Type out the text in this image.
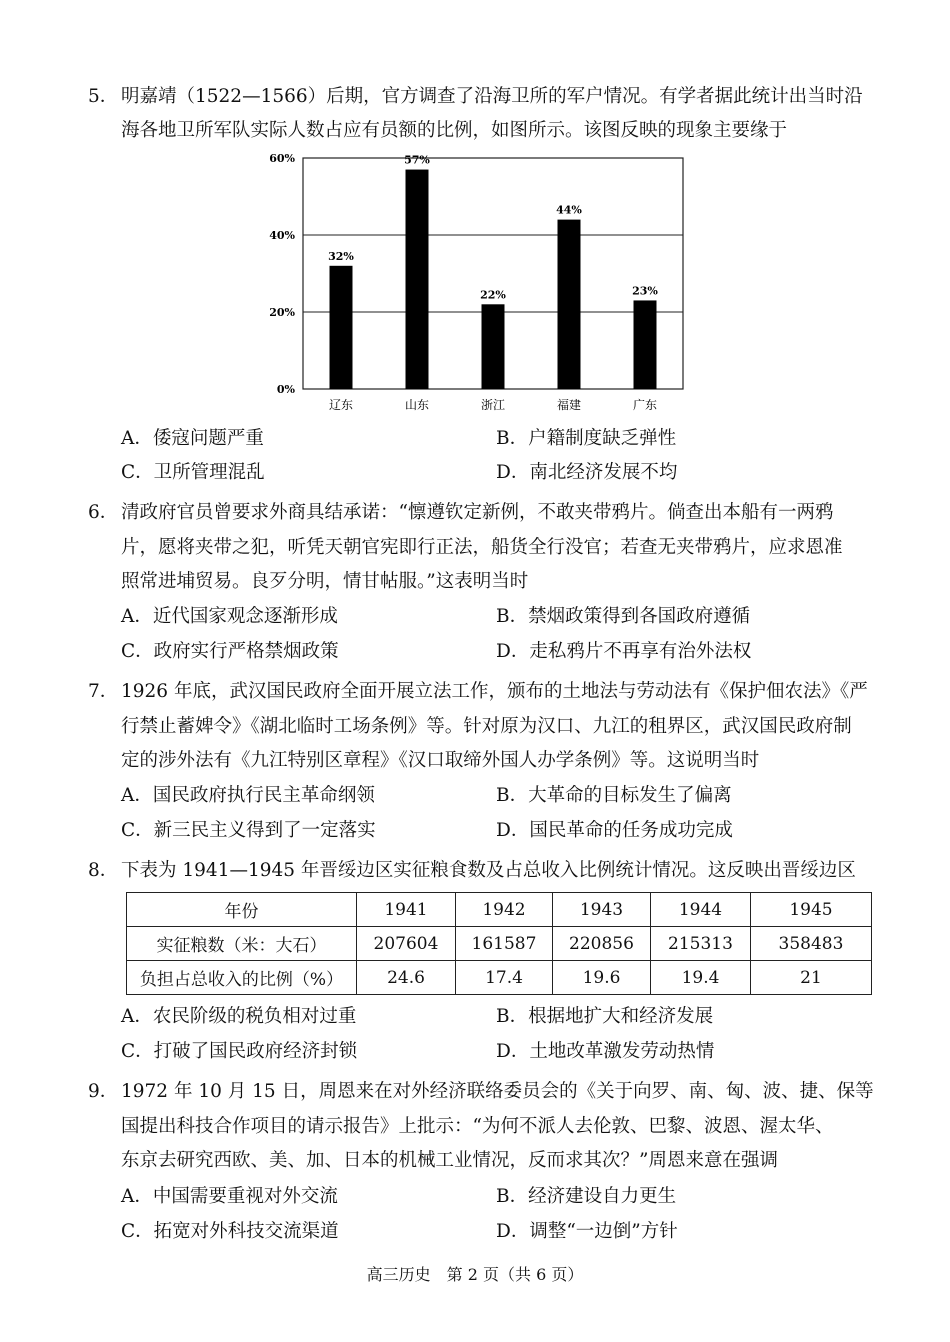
5． 明嘉靖（1522—1566）后期，官方调查了沿海卫所的军户情况。有学者据此统计出当时沿
海各地卫所军队实际人数占应有员额的比例，如图所示。该图反映的现象主要缘于
0%
20%
40%
60%
32%
辽东
57%
山东
22%
浙江
44%
福建
23%
广东
A．倭寇问题严重	B．户籍制度缺乏弹性
C．卫所管理混乱	D．南北经济发展不均
6． 清政府官员曾要求外商具结承诺：“懔遵钦定新例，不敢夹带鸦片。倘查出本船有一两鸦
片，愿将夹带之犯，听凭天朝官宪即行正法，船货全行没官；若查无夹带鸦片，应求恩准
照常进埔贸易。良歹分明，情甘帖服。”这表明当时
A．近代国家观念逐渐形成	B．禁烟政策得到各国政府遵循
C．政府实行严格禁烟政策	D．走私鸦片不再享有治外法权
7． 1926 年底，武汉国民政府全面开展立法工作，颁布的土地法与劳动法有《保护佃农法》《严
行禁止蓄婢令》《湖北临时工场条例》等。针对原为汉口、九江的租界区，武汉国民政府制
定的涉外法有《九江特别区章程》《汉口取缔外国人办学条例》等。这说明当时
A．国民政府执行民主革命纲领	B．大革命的目标发生了偏离
C．新三民主义得到了一定落实	D．国民革命的任务成功完成
8． 下表为 1941—1945 年晋绥边区实征粮食数及占总收入比例统计情况。这反映出晋绥边区
年份	1941	1942	1943	1944	1945
实征粮数（米：大石）	207604	161587	220856	215313	358483
负担占总收入的比例（%）	24.6	17.4	19.6	19.4	21
A．农民阶级的税负相对过重	B．根据地扩大和经济发展
C．打破了国民政府经济封锁	D．土地改革激发劳动热情
9． 1972 年 10 月 15 日，周恩来在对外经济联络委员会的《关于向罗、南、匈、波、捷、保等
国提出科技合作项目的请示报告》上批示：“为何不派人去伦敦、巴黎、波恩、渥太华、
东京去研究西欧、美、加、日本的机械工业情况，反而求其次？”周恩来意在强调
A．中国需要重视对外交流	B．经济建设自力更生
C．拓宽对外科技交流渠道	D．调整“一边倒”方针
高三历史　第 2 页（共 6 页）
